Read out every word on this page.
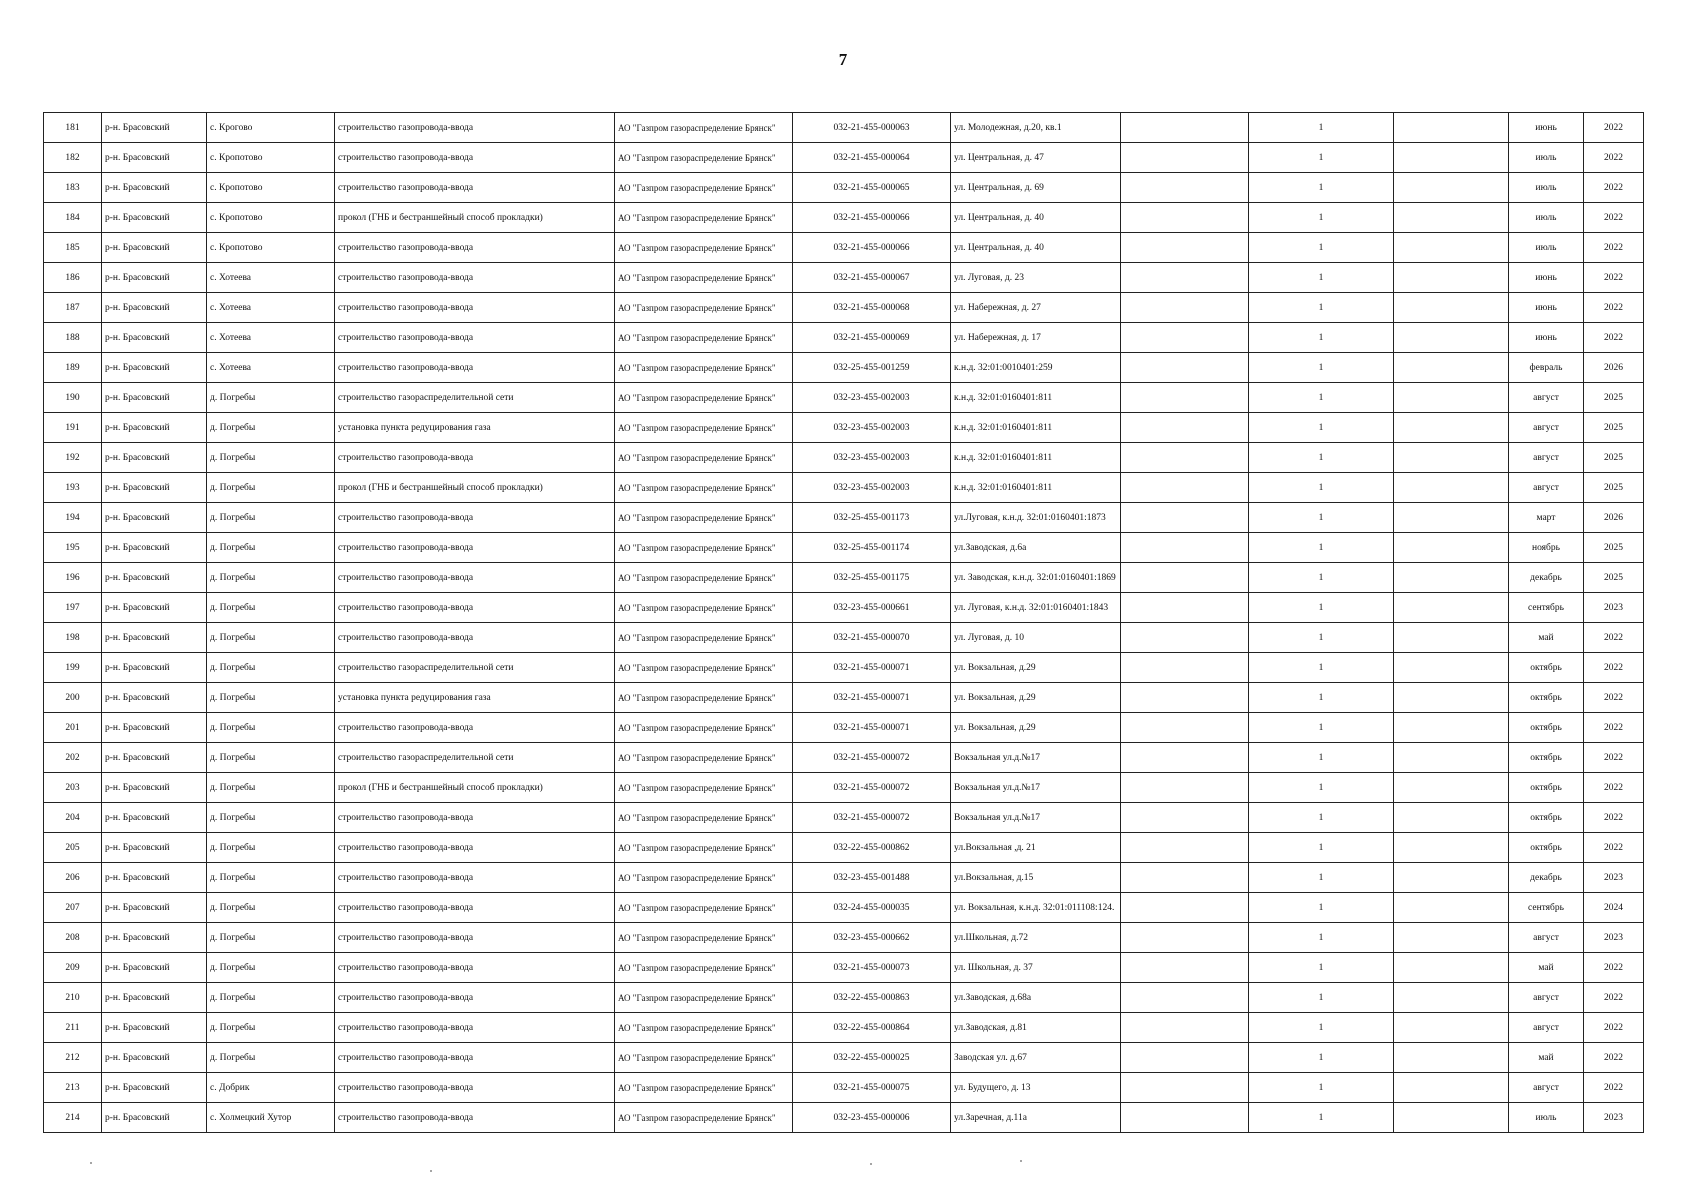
7
181	р-н. Брасовский	с. Крогово	строительство газопровода-ввода	АО "Газпром газораспределение Брянск"	032-21-455-000063	ул. Молодежная, д.20, кв.1		1		июнь	2022
182	р-н. Брасовский	с. Кропотово	строительство газопровода-ввода	АО "Газпром газораспределение Брянск"	032-21-455-000064	ул. Центральная, д. 47		1		июль	2022
183	р-н. Брасовский	с. Кропотово	строительство газопровода-ввода	АО "Газпром газораспределение Брянск"	032-21-455-000065	ул. Центральная, д. 69		1		июль	2022
184	р-н. Брасовский	с. Кропотово	прокол (ГНБ и бестраншейный способ прокладки)	АО "Газпром газораспределение Брянск"	032-21-455-000066	ул. Центральная, д. 40		1		июль	2022
185	р-н. Брасовский	с. Кропотово	строительство газопровода-ввода	АО "Газпром газораспределение Брянск"	032-21-455-000066	ул. Центральная, д. 40		1		июль	2022
186	р-н. Брасовский	с. Хотеева	строительство газопровода-ввода	АО "Газпром газораспределение Брянск"	032-21-455-000067	ул. Луговая, д. 23		1		июнь	2022
187	р-н. Брасовский	с. Хотеева	строительство газопровода-ввода	АО "Газпром газораспределение Брянск"	032-21-455-000068	ул. Набережная, д. 27		1		июнь	2022
188	р-н. Брасовский	с. Хотеева	строительство газопровода-ввода	АО "Газпром газораспределение Брянск"	032-21-455-000069	ул. Набережная, д. 17		1		июнь	2022
189	р-н. Брасовский	с. Хотеева	строительство газопровода-ввода	АО "Газпром газораспределение Брянск"	032-25-455-001259	к.н.д. 32:01:0010401:259		1		февраль	2026
190	р-н. Брасовский	д. Погребы	строительство газораспределительной сети	АО "Газпром газораспределение Брянск"	032-23-455-002003	к.н.д. 32:01:0160401:811		1		август	2025
191	р-н. Брасовский	д. Погребы	установка пункта редуцирования газа	АО "Газпром газораспределение Брянск"	032-23-455-002003	к.н.д. 32:01:0160401:811		1		август	2025
192	р-н. Брасовский	д. Погребы	строительство газопровода-ввода	АО "Газпром газораспределение Брянск"	032-23-455-002003	к.н.д. 32:01:0160401:811		1		август	2025
193	р-н. Брасовский	д. Погребы	прокол (ГНБ и бестраншейный способ прокладки)	АО "Газпром газораспределение Брянск"	032-23-455-002003	к.н.д. 32:01:0160401:811		1		август	2025
194	р-н. Брасовский	д. Погребы	строительство газопровода-ввода	АО "Газпром газораспределение Брянск"	032-25-455-001173	ул.Луговая, к.н.д. 32:01:0160401:1873		1		март	2026
195	р-н. Брасовский	д. Погребы	строительство газопровода-ввода	АО "Газпром газораспределение Брянск"	032-25-455-001174	ул.Заводская, д.6а		1		ноябрь	2025
196	р-н. Брасовский	д. Погребы	строительство газопровода-ввода	АО "Газпром газораспределение Брянск"	032-25-455-001175	ул. Заводская, к.н.д. 32:01:0160401:1869		1		декабрь	2025
197	р-н. Брасовский	д. Погребы	строительство газопровода-ввода	АО "Газпром газораспределение Брянск"	032-23-455-000661	ул. Луговая, к.н.д. 32:01:0160401:1843		1		сентябрь	2023
198	р-н. Брасовский	д. Погребы	строительство газопровода-ввода	АО "Газпром газораспределение Брянск"	032-21-455-000070	ул. Луговая, д. 10		1		май	2022
199	р-н. Брасовский	д. Погребы	строительство газораспределительной сети	АО "Газпром газораспределение Брянск"	032-21-455-000071	ул. Вокзальная, д.29		1		октябрь	2022
200	р-н. Брасовский	д. Погребы	установка пункта редуцирования газа	АО "Газпром газораспределение Брянск"	032-21-455-000071	ул. Вокзальная, д.29		1		октябрь	2022
201	р-н. Брасовский	д. Погребы	строительство газопровода-ввода	АО "Газпром газораспределение Брянск"	032-21-455-000071	ул. Вокзальная, д.29		1		октябрь	2022
202	р-н. Брасовский	д. Погребы	строительство газораспределительной сети	АО "Газпром газораспределение Брянск"	032-21-455-000072	Вокзальная ул.д.№17		1		октябрь	2022
203	р-н. Брасовский	д. Погребы	прокол (ГНБ и бестраншейный способ прокладки)	АО "Газпром газораспределение Брянск"	032-21-455-000072	Вокзальная ул.д.№17		1		октябрь	2022
204	р-н. Брасовский	д. Погребы	строительство газопровода-ввода	АО "Газпром газораспределение Брянск"	032-21-455-000072	Вокзальная ул.д.№17		1		октябрь	2022
205	р-н. Брасовский	д. Погребы	строительство газопровода-ввода	АО "Газпром газораспределение Брянск"	032-22-455-000862	ул.Вокзальная ,д. 21		1		октябрь	2022
206	р-н. Брасовский	д. Погребы	строительство газопровода-ввода	АО "Газпром газораспределение Брянск"	032-23-455-001488	ул.Вокзальная, д.15		1		декабрь	2023
207	р-н. Брасовский	д. Погребы	строительство газопровода-ввода	АО "Газпром газораспределение Брянск"	032-24-455-000035	ул. Вокзальная, к.н.д. 32:01:011108:124.		1		сентябрь	2024
208	р-н. Брасовский	д. Погребы	строительство газопровода-ввода	АО "Газпром газораспределение Брянск"	032-23-455-000662	ул.Школьная, д.72		1		август	2023
209	р-н. Брасовский	д. Погребы	строительство газопровода-ввода	АО "Газпром газораспределение Брянск"	032-21-455-000073	ул. Школьная, д. 37		1		май	2022
210	р-н. Брасовский	д. Погребы	строительство газопровода-ввода	АО "Газпром газораспределение Брянск"	032-22-455-000863	ул.Заводская, д.68а		1		август	2022
211	р-н. Брасовский	д. Погребы	строительство газопровода-ввода	АО "Газпром газораспределение Брянск"	032-22-455-000864	ул.Заводская, д.81		1		август	2022
212	р-н. Брасовский	д. Погребы	строительство газопровода-ввода	АО "Газпром газораспределение Брянск"	032-22-455-000025	Заводская ул. д.67		1		май	2022
213	р-н. Брасовский	с. Добрик	строительство газопровода-ввода	АО "Газпром газораспределение Брянск"	032-21-455-000075	ул. Будущего, д. 13		1		август	2022
214	р-н. Брасовский	с. Холмецкий Хутор	строительство газопровода-ввода	АО "Газпром газораспределение Брянск"	032-23-455-000006	ул.Заречная, д.11а		1		июль	2023
